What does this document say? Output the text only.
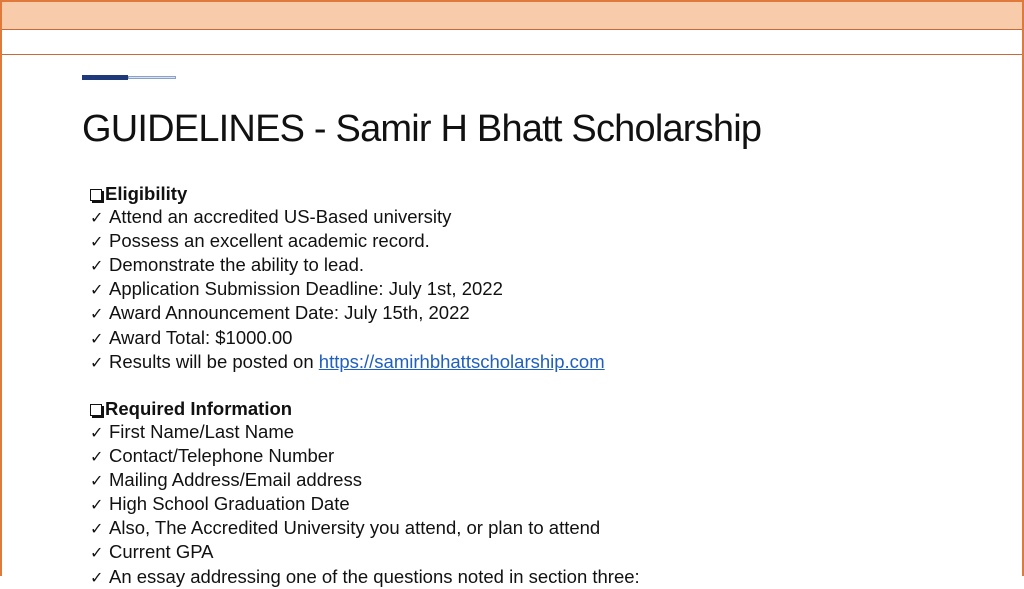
GUIDELINES - Samir H Bhatt Scholarship
Eligibility
✓ Attend an accredited US-Based university
✓ Possess an excellent academic record.
✓ Demonstrate the ability to lead.
✓ Application Submission Deadline: July 1st, 2022
✓ Award Announcement Date: July 15th, 2022
✓ Award Total: $1000.00
✓ Results will be posted on https://samirhbhattscholarship.com
Required Information
✓ First Name/Last Name
✓ Contact/Telephone Number
✓ Mailing Address/Email address
✓ High School Graduation Date
✓ Also, The Accredited University you attend, or plan to attend
✓ Current GPA
✓ An essay addressing one of the questions noted in section three:
